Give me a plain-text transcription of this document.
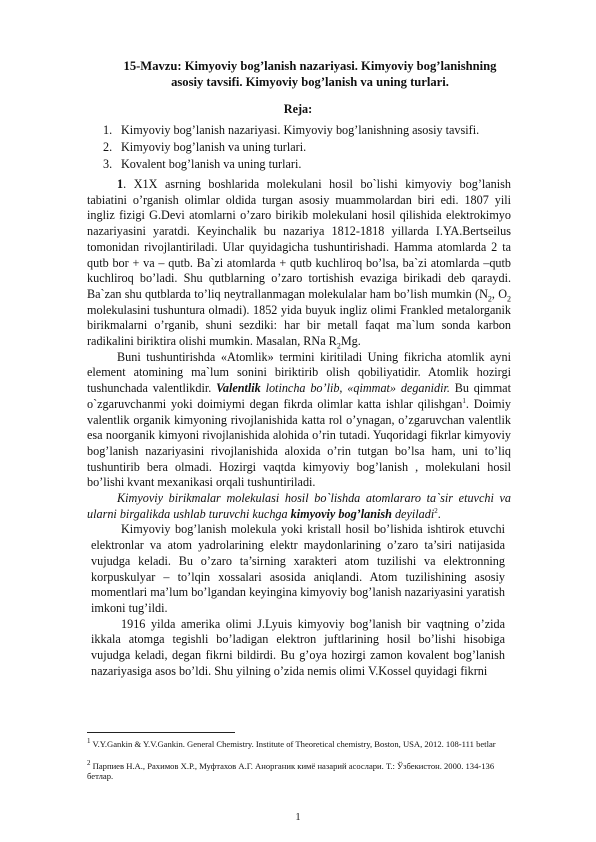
15-Mavzu: Kimyoviy bog’lanish nazariyasi. Kimyoviy bog’lanishning
asosiy tavsifi. Kimyoviy bog’lanish va uning turlari.
Reja:
1. Kimyoviy bog’lanish nazariyasi. Kimyoviy bog’lanishning asosiy tavsifi.
2. Kimyoviy bog’lanish va uning turlari.
3. Kovalent bog’lanish va uning turlari.

1. X1X asrning boshlarida molekulani hosil bo`lishi kimyoviy bog’lanish tabiatini o’rganish olimlar oldida turgan asosiy muammolardan biri edi. 1807 yili ingliz fizigi G.Devi atomlarni o’zaro birikib molekulani hosil qilishida elektrokimyo nazariyasini yaratdi. Keyinchalik bu nazariya 1812-1818 yillarda I.YA.Bertseilus tomonidan rivojlantiriladi. Ular quyidagicha tushuntirishadi. Hamma atomlarda 2 ta qutb bor + va – qutb. Ba`zi atomlarda + qutb kuchliroq bo’lsa, ba`zi atomlarda –qutb kuchliroq bo’ladi. Shu qutblarning o’zaro tortishish evaziga birikadi deb qaraydi. Ba`zan shu qutblarda to’liq neytrallanmagan molekulalar ham bo’lish mumkin ($N_2$, $O_2$ molekulasini tushuntura olmadi). 1852 yida buyuk ingliz olimi Frankled metalorganik birikmalarni o’rganib, shuni sezdiki: har bir metall faqat ma`lum sonda karbon radikalini biriktira olishi mumkin. Masalan, RNa $R_2Mg$.

Buni tushuntirishda «Atomlik» termini kiritiladi Uning fikricha atomlik ayni element atomining ma`lum sonini biriktirib olish qobiliyatidir. Atomlik hozirgi tushunchada valentlikdir. Valentlik lotincha bo’lib, «qimmat» deganidir. Bu qimmat o`zgaruvchanmi yoki doimiymi degan fikrda olimlar katta ishlar qilishgan$^1$. Doimiy valentlik organik kimyoning rivojlanishida katta rol o’ynagan, o’zgaruvchan valentlik esa noorganik kimyoni rivojlanishida alohida o’rin tutadi. Yuqoridagi fikrlar kimyoviy bog’lanish nazariyasini rivojlanishida aloxida o’rin tutgan bo’lsa ham, uni to’liq tushuntirib bera olmadi. Hozirgi vaqtda kimyoviy bog’lanish , molekulani hosil bo’lishi kvant mexanikasi orqali tushuntiriladi.

Kimyoviy birikmalar molekulasi hosil bo`lishda atomlararo ta`sir etuvchi va ularni birgalikda ushlab turuvchi kuchga kimyoviy bog’lanish deyiladi$^2$.

Kimyoviy bog’lanish molekula yoki kristall hosil bo’lishida ishtirok etuvchi elektronlar va atom yadrolarining elektr maydonlarining o’zaro ta’siri natijasida vujudga keladi. Bu o’zaro ta’sirning xarakteri atom tuzilishi va elektronning korpuskulyar – to’lqin xossalari asosida aniqlandi. Atom tuzilishining asosiy momentlari ma’lum bo’lgandan keyingina kimyoviy bog’lanish nazariyasini yaratish imkoni tug’ildi.

1916 yilda amerika olimi J.Lyuis kimyoviy bog’lanish bir vaqtning o’zida ikkala atomga tegishli bo’ladigan elektron juftlarining hosil bo’lishi hisobiga vujudga keladi, degan fikrni bildirdi. Bu g’oya hozirgi zamon kovalent bog’lanish nazariyasiga asos bo’ldi. Shu yilning o’zida nemis olimi V.Kossel quyidagi fikrni

$^1$ V.Y.Gankin & Y.V.Gankin. General Chemistry. Institute of Theoretical chemistry, Boston, USA, 2012. 108-111 betlar
$^2$ Парпиев Н.А., Рахимов Х.Р., Муфтахов А.Г. Анорганик кимё назарий асослари. Т.: Ўзбекистон. 2000. 134-136 бетлар.
1
